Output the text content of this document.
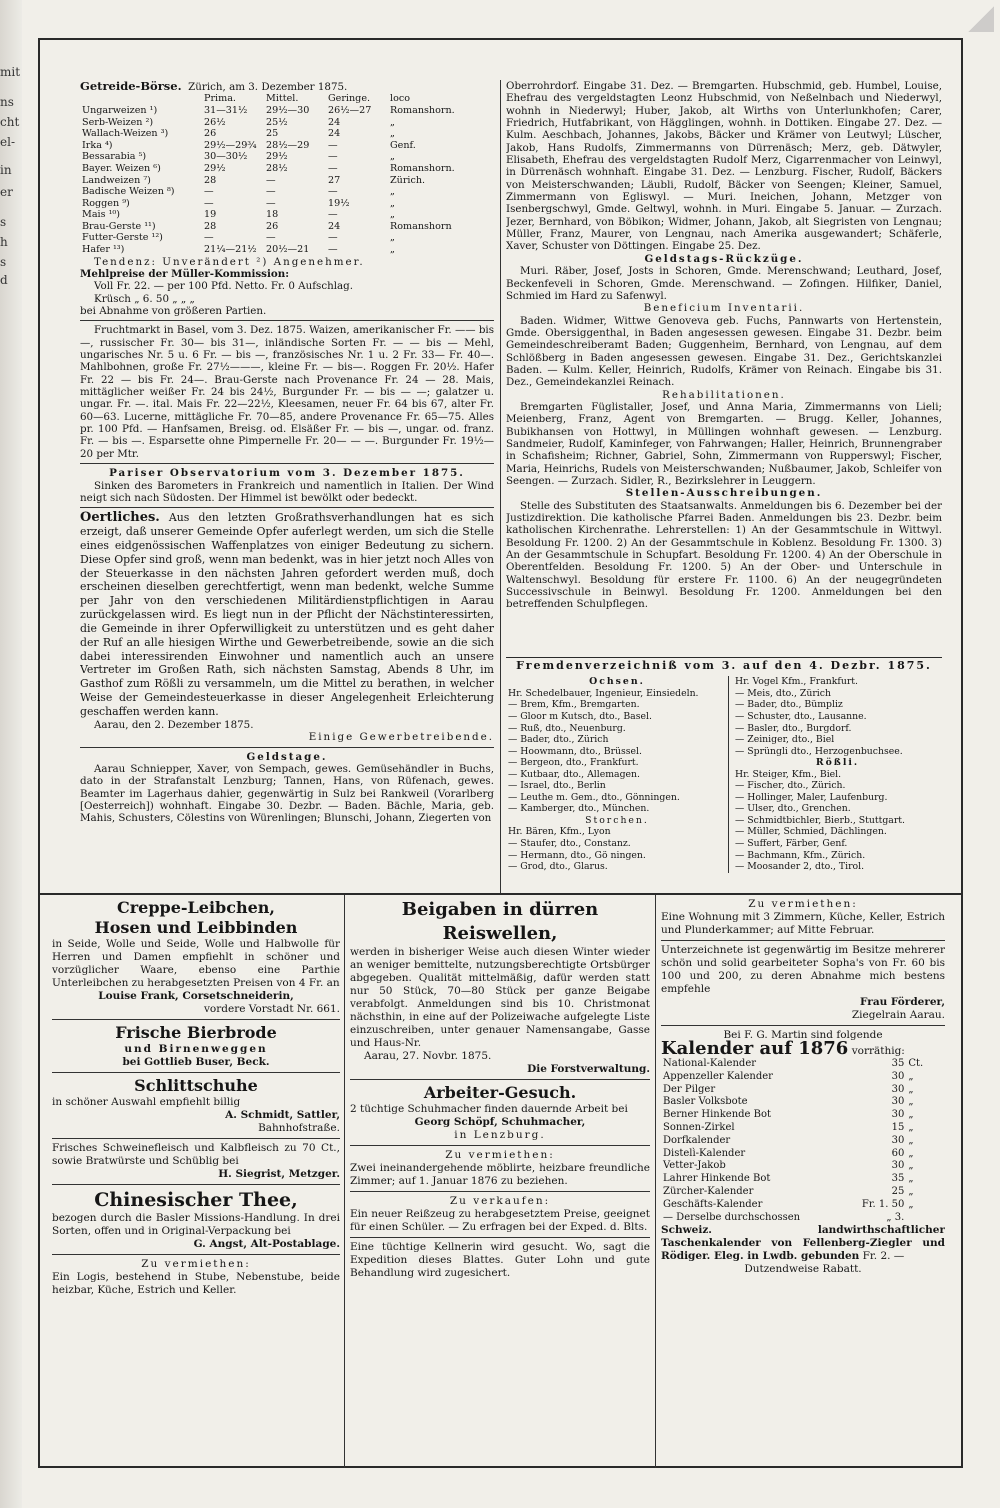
mit
ns
cht
el-
in
er
s
h
s
d

Getreide-Börse. Zürich, am 3. Dezember 1875.

	Prima.	Mittel.	Geringe.	loco
Ungarweizen ¹)	31—31½	29½—30	26½—27	Romanshorn.
Serb-Weizen ²)	26½	25½	24	„
Wallach-Weizen ³)	26	25	24	„
Irka ⁴)	29½—29¾	28½—29	—	Genf.
Bessarabia ⁵)	30—30½	29½	—	„
Bayer. Weizen ⁶)	29½	28½	—	Romanshorn.
Landweizen ⁷)	28	—	27	Zürich.
Badische Weizen ⁸)	—	—	—	„
Roggen ⁹)	—	—	19½	„
Mais ¹⁰)	19	18	—	„
Brau-Gerste ¹¹)	28	26	24	Romanshorn
Futter-Gerste ¹²)	—	—	—	„
Hafer ¹³)	21¼—21½	20½—21	—	„

Tendenz: Unverändert ²) Angenehmer.

Mehlpreise der Müller-Kommission:

Voll Fr. 22. — per 100 Pfd. Netto. Fr. 0 Aufschlag.

Krüsch „ 6. 50 „ „ „

bei Abnahme von größeren Partien.

Fruchtmarkt in Basel, vom 3. Dez. 1875. Waizen, amerikanischer Fr. —— bis —, russischer Fr. 30— bis 31—, inländische Sorten Fr. — — bis — Mehl, ungarisches Nr. 5 u. 6 Fr. — bis —, französisches Nr. 1 u. 2 Fr. 33— Fr. 40—. Mahlbohnen, große Fr. 27½———, kleine Fr. — bis—. Roggen Fr. 20½. Hafer Fr. 22 — bis Fr. 24—. Brau-Gerste nach Provenance Fr. 24 — 28. Mais, mittäglicher weißer Fr. 24 bis 24½, Burgunder Fr. — bis — —; galatzer u. ungar. Fr. —. ital. Mais Fr. 22—22½, Kleesamen, neuer Fr. 64 bis 67, alter Fr. 60—63. Lucerne, mittägliche Fr. 70—85, andere Provenance Fr. 65—75. Alles pr. 100 Pfd. — Hanfsamen, Breisg. od. Elsäßer Fr. — bis —, ungar. od. franz. Fr. — bis —. Esparsette ohne Pimpernelle Fr. 20— — —. Burgunder Fr. 19½—20 per Mtr.

Pariser Observatorium vom 3. Dezember 1875.

Sinken des Barometers in Frankreich und namentlich in Italien. Der Wind neigt sich nach Südosten. Der Himmel ist bewölkt oder bedeckt.

Oertliches. Aus den letzten Großrathsverhandlungen hat es sich erzeigt, daß unserer Gemeinde Opfer auferlegt werden, um sich die Stelle eines eidgenössischen Waffenplatzes von einiger Bedeutung zu sichern. Diese Opfer sind groß, wenn man bedenkt, was in hier jetzt noch Alles von der Steuerkasse in den nächsten Jahren gefordert werden muß, doch erscheinen dieselben gerechtfertigt, wenn man bedenkt, welche Summe per Jahr von den verschiedenen Militärdienstpflichtigen in Aarau zurückgelassen wird. Es liegt nun in der Pflicht der Nächstinteressirten, die Gemeinde in ihrer Opferwilligkeit zu unterstützen und es geht daher der Ruf an alle hiesigen Wirthe und Gewerbetreibende, sowie an die sich dabei interessirenden Einwohner und namentlich auch an unsere Vertreter im Großen Rath, sich nächsten Samstag, Abends 8 Uhr, im Gasthof zum Rößli zu versammeln, um die Mittel zu berathen, in welcher Weise der Gemeindesteuerkasse in dieser Angelegenheit Erleichterung geschaffen werden kann.

Aarau, den 2. Dezember 1875.

Einige Gewerbetreibende.

Geldstage.

Aarau Schniepper, Xaver, von Sempach, gewes. Gemüsehändler in Buchs, dato in der Strafanstalt Lenzburg; Tannen, Hans, von Rüfenach, gewes. Beamter im Lagerhaus dahier, gegenwärtig in Sulz bei Rankweil (Vorarlberg [Oesterreich]) wohnhaft. Eingabe 30. Dezbr. — Baden. Bächle, Maria, geb. Mahis, Schusters, Cölestins von Würenlingen; Blunschi, Johann, Ziegerten von

Oberrohrdorf. Eingabe 31. Dez. — Bremgarten. Hubschmid, geb. Humbel, Louise, Ehefrau des vergeldstagten Leonz Hubschmid, von Neßelnbach und Niederwyl, wohnh in Niederwyl; Huber, Jakob, alt Wirths von Unterlunkhofen; Carer, Friedrich, Hutfabrikant, von Hägglingen, wohnh. in Dottiken. Eingabe 27. Dez. — Kulm. Aeschbach, Johannes, Jakobs, Bäcker und Krämer von Leutwyl; Lüscher, Jakob, Hans Rudolfs, Zimmermanns von Dürrenäsch; Merz, geb. Dätwyler, Elisabeth, Ehefrau des vergeldstagten Rudolf Merz, Cigarrenmacher von Leinwyl, in Dürrenäsch wohnhaft. Eingabe 31. Dez. — Lenzburg. Fischer, Rudolf, Bäckers von Meisterschwanden; Läubli, Rudolf, Bäcker von Seengen; Kleiner, Samuel, Zimmermann von Egliswyl. — Muri. Ineichen, Johann, Metzger von Isenbergschwyl, Gmde. Geltwyl, wohnh. in Muri. Eingabe 5. Januar. — Zurzach. Jezer, Bernhard, von Böbikon; Widmer, Johann, Jakob, alt Siegristen von Lengnau; Müller, Franz, Maurer, von Lengnau, nach Amerika ausgewandert; Schäferle, Xaver, Schuster von Döttingen. Eingabe 25. Dez.

Geldstags-Rückzüge.

Muri. Räber, Josef, Josts in Schoren, Gmde. Merenschwand; Leuthard, Josef, Beckenfeveli in Schoren, Gmde. Merenschwand. — Zofingen. Hilfiker, Daniel, Schmied im Hard zu Safenwyl.

Beneficium Inventarii.

Baden. Widmer, Wittwe Genoveva geb. Fuchs, Pannwarts von Hertenstein, Gmde. Obersiggenthal, in Baden angesessen gewesen. Eingabe 31. Dezbr. beim Gemeindeschreiberamt Baden; Guggenheim, Bernhard, von Lengnau, auf dem Schlößberg in Baden angesessen gewesen. Eingabe 31. Dez., Gerichtskanzlei Baden. — Kulm. Keller, Heinrich, Rudolfs, Krämer von Reinach. Eingabe bis 31. Dez., Gemeindekanzlei Reinach.

Rehabilitationen.

Bremgarten Füglistaller, Josef, und Anna Maria, Zimmermanns von Lieli; Meienberg, Franz, Agent von Bremgarten. — Brugg. Keller, Johannes, Bubikhansen von Hottwyl, in Müllingen wohnhaft gewesen. — Lenzburg. Sandmeier, Rudolf, Kaminfeger, von Fahrwangen; Haller, Heinrich, Brunnengraber in Schafisheim; Richner, Gabriel, Sohn, Zimmermann von Rupperswyl; Fischer, Maria, Heinrichs, Rudels von Meisterschwanden; Nußbaumer, Jakob, Schleifer von Seengen. — Zurzach. Sidler, R., Bezirkslehrer in Leuggern.

Stellen-Ausschreibungen.

Stelle des Substituten des Staatsanwalts. Anmeldungen bis 6. Dezember bei der Justizdirektion. Die katholische Pfarrei Baden. Anmeldungen bis 23. Dezbr. beim katholischen Kirchenrathe. Lehrerstellen: 1) An der Gesammtschule in Wittwyl. Besoldung Fr. 1200. 2) An der Gesammtschule in Koblenz. Besoldung Fr. 1300. 3) An der Gesammtschule in Schupfart. Besoldung Fr. 1200. 4) An der Oberschule in Oberentfelden. Besoldung Fr. 1200. 5) An der Ober- und Unterschule in Waltenschwyl. Besoldung für erstere Fr. 1100. 6) An der neugegründeten Successivschule in Beinwyl. Besoldung Fr. 1200. Anmeldungen bei den betreffenden Schulpflegen.

Fremdenverzeichniß vom 3. auf den 4. Dezbr. 1875.

Ochsen.
Hr. Schedelbauer, Ingenieur, Einsiedeln.
— Brem, Kfm., Bremgarten.
— Gloor m Kutsch, dto., Basel.
— Ruß, dto., Neuenburg.
— Bader, dto., Zürich
— Hoowmann, dto., Brüssel.
— Bergeon, dto., Frankfurt.
— Kutbaar, dto., Allemagen.
— Israel, dto., Berlin
— Leuthe m. Gem., dto., Gönningen.
— Kamberger, dto., München.
Storchen.
Hr. Bären, Kfm., Lyon
— Staufer, dto., Constanz.
— Hermann, dto., Gö ningen.
— Grod, dto., Glarus.

Hr. Vogel Kfm., Frankfurt.
— Meis, dto., Zürich
— Bader, dto., Bümpliz
— Schuster, dto., Lausanne.
— Basler, dto., Burgdorf.
— Zeiniger, dto., Biel
— Sprüngli dto., Herzogenbuchsee.
Rößli.
Hr. Steiger, Kfm., Biel.
— Fischer, dto., Zürich.
— Hollinger, Maler, Laufenburg.
— Ulser, dto., Grenchen.
— Schmidtbichler, Bierb., Stuttgart.
— Müller, Schmied, Dächlingen.
— Suffert, Färber, Genf.
— Bachmann, Kfm., Zürich.
— Moosander 2, dto., Tirol.
Creppe-Leibchen,
Hosen und Leibbinden

in Seide, Wolle und Seide, Wolle und Halbwolle für Herren und Damen empfiehlt in schöner und vorzüglicher Waare, ebenso eine Parthie Unterleibchen zu herabgesetzten Preisen von 4 Fr. an

Louise Frank, Corsetschneiderin,

vordere Vorstadt Nr. 661.

Frische Bierbrode

und Birnenweggen

bei Gottlieb Buser, Beck.

Schlittschuhe

in schöner Auswahl empfiehlt billig

A. Schmidt, Sattler,

Bahnhofstraße.

Frisches Schweinefleisch und Kalbfleisch zu 70 Ct., sowie Bratwürste und Schüblig bei

H. Siegrist, Metzger.

Chinesischer Thee,

bezogen durch die Basler Missions-Handlung. In drei Sorten, offen und in Original-Verpackung bei

G. Angst, Alt-Postablage.

Zu vermiethen:

Ein Logis, bestehend in Stube, Nebenstube, beide heizbar, Küche, Estrich und Keller.

Beigaben in dürren Reiswellen,

werden in bisheriger Weise auch diesen Winter wieder an weniger bemittelte, nutzungsberechtigte Ortsbürger abgegeben. Qualität mittelmäßig, dafür werden statt nur 50 Stück, 70—80 Stück per ganze Beigabe verabfolgt. Anmeldungen sind bis 10. Christmonat nächsthin, in eine auf der Polizeiwache aufgelegte Liste einzuschreiben, unter genauer Namensangabe, Gasse und Haus-Nr.

Aarau, 27. Novbr. 1875.

Die Forstverwaltung.

Arbeiter-Gesuch.

2 tüchtige Schuhmacher finden dauernde Arbeit bei

Georg Schöpf, Schuhmacher,

in Lenzburg.

Zu vermiethen:

Zwei ineinandergehende möblirte, heizbare freundliche Zimmer; auf 1. Januar 1876 zu beziehen.

Zu verkaufen:

Ein neuer Reißzeug zu herabgesetztem Preise, geeignet für einen Schüler. — Zu erfragen bei der Exped. d. Blts.

Eine tüchtige Kellnerin wird gesucht. Wo, sagt die Expedition dieses Blattes. Guter Lohn und gute Behandlung wird zugesichert.

Zu vermiethen:

Eine Wohnung mit 3 Zimmern, Küche, Keller, Estrich und Plunderkammer; auf Mitte Februar.

Unterzeichnete ist gegenwärtig im Besitze mehrerer schön und solid gearbeiteter Sopha's von Fr. 60 bis 100 und 200, zu deren Abnahme mich bestens empfehle

Frau Förderer,

Ziegelrain Aarau.

Bei F. G. Martin sind folgende

Kalender auf 1876 vorräthig:

National-Kalender	35	Ct.
Appenzeller Kalender	30	„
Der Pilger	30	„
Basler Volksbote	30	„
Berner Hinkende Bot	30	„
Sonnen-Zirkel	15	„
Dorfkalender	30	„
Distelì-Kalender	60	„
Vetter-Jakob	30	„
Lahrer Hinkende Bot	35	„
Zürcher-Kalender	25	„
Geschäfts-Kalender	Fr. 1. 50	„
— Derselbe durchschossen	„ 3.	

Schweiz. landwirthschaftlicher Taschenkalender von Fellenberg-Ziegler und Rödiger. Eleg. in Lwdb. gebunden Fr. 2. —

Dutzendweise Rabatt.
